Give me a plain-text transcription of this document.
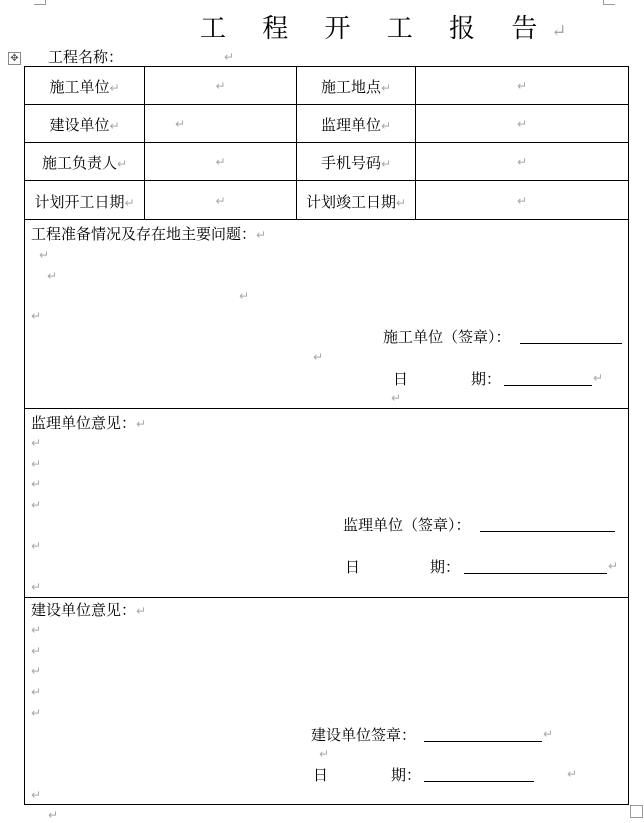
✥
工 程 开 工 报 告↵
工程名称：	↵
施工单位↵	↵	施工地点↵	↵
建设单位↵	↵	监理单位↵	↵
施工负责人↵	↵	手机号码↵	↵
计划开工日期↵	↵	计划竣工日期↵	↵
工程准备情况及存在地主要问题：↵
↵
↵
↵
↵
施工单位（签章）：
↵
日	期：	↵
↵
监理单位意见：↵
↵
↵
↵
↵
监理单位（签章）：
↵
日	期：	↵
↵
建设单位意见：↵
↵
↵
↵
↵
↵
建设单位签章：	↵
↵
日	期：	↵
↵
↵
